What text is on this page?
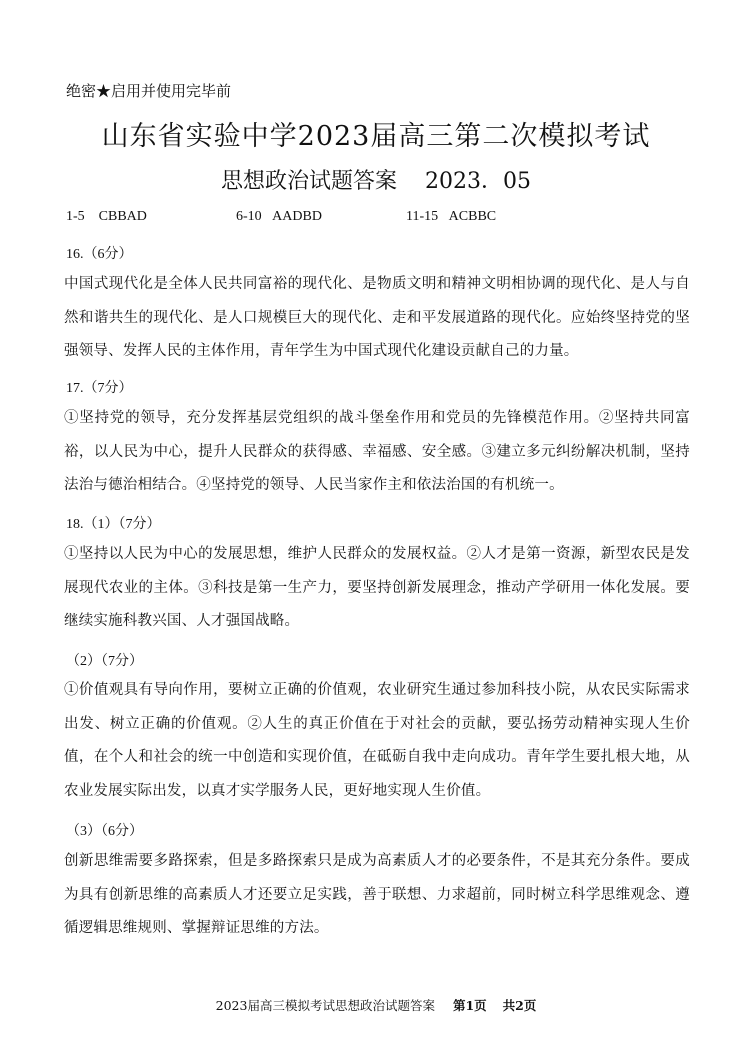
绝密★启用并使用完毕前
山东省实验中学2023届高三第二次模拟考试
思想政治试题答案 2023．05
1-5 CBBAD	6-10 AADBD	11-15 ACBBC
16.（6分）
中国式现代化是全体人民共同富裕的现代化、是物质文明和精神文明相协调的现代化、是人与自然和谐共生的现代化、是人口规模巨大的现代化、走和平发展道路的现代化。应始终坚持党的坚强领导、发挥人民的主体作用，青年学生为中国式现代化建设贡献自己的力量。
17.（7分）
①坚持党的领导，充分发挥基层党组织的战斗堡垒作用和党员的先锋模范作用。②坚持共同富裕，以人民为中心，提升人民群众的获得感、幸福感、安全感。③建立多元纠纷解决机制，坚持法治与德治相结合。④坚持党的领导、人民当家作主和依法治国的有机统一。
18.（1）（7分）
①坚持以人民为中心的发展思想，维护人民群众的发展权益。②人才是第一资源，新型农民是发展现代农业的主体。③科技是第一生产力，要坚持创新发展理念，推动产学研用一体化发展。要继续实施科教兴国、人才强国战略。
（2）（7分）
①价值观具有导向作用，要树立正确的价值观，农业研究生通过参加科技小院，从农民实际需求出发、树立正确的价值观。②人生的真正价值在于对社会的贡献，要弘扬劳动精神实现人生价值，在个人和社会的统一中创造和实现价值，在砥砺自我中走向成功。青年学生要扎根大地，从农业发展实际出发，以真才实学服务人民，更好地实现人生价值。
（3）（6分）
创新思维需要多路探索，但是多路探索只是成为高素质人才的必要条件，不是其充分条件。要成为具有创新思维的高素质人才还要立足实践，善于联想、力求超前，同时树立科学思维观念、遵循逻辑思维规则、掌握辩证思维的方法。
2023届高三模拟考试思想政治试题答案 第1页 共2页
